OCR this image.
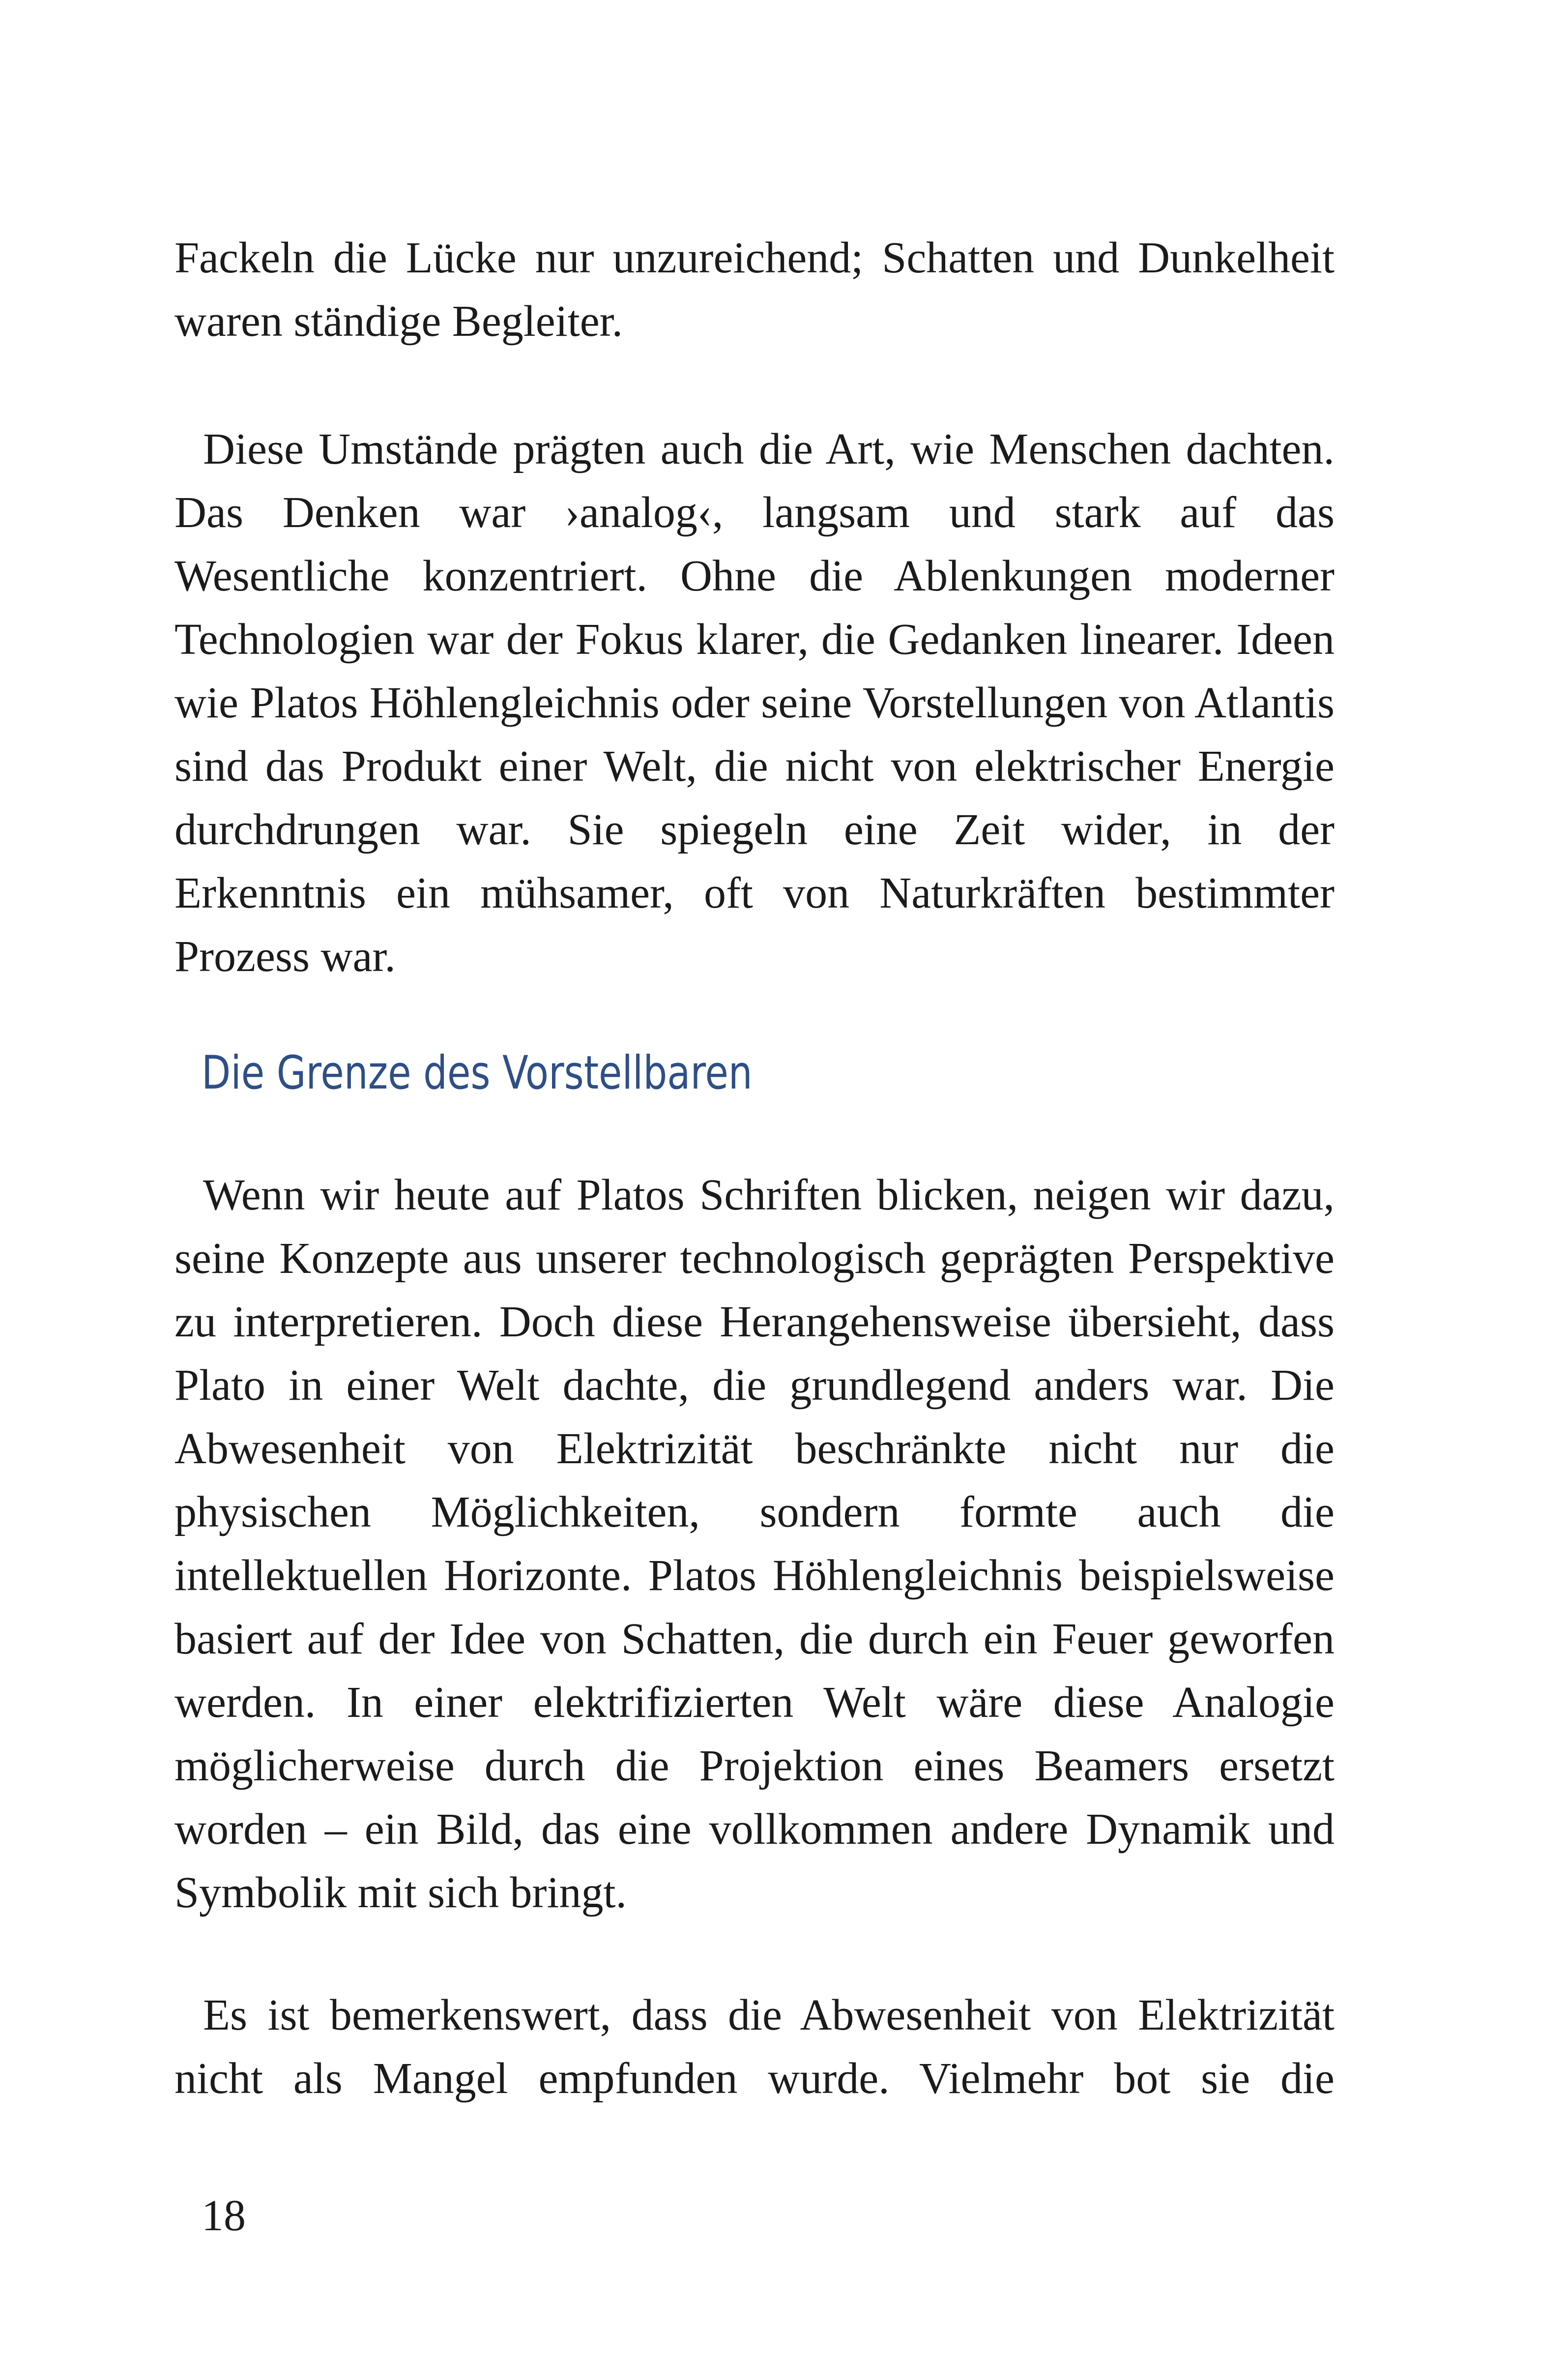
Fackeln die Lücke nur unzureichend; Schatten und Dunkelheit waren ständige Begleiter.

Diese Umstände prägten auch die Art, wie Menschen dachten. Das Denken war ›analog‹, langsam und stark auf das Wesentliche konzentriert. Ohne die Ablenkungen moderner Technologien war der Fokus klarer, die Gedanken linearer. Ideen wie Platos Höhlengleichnis oder seine Vorstellungen von Atlantis sind das Produkt einer Welt, die nicht von elektrischer Energie durchdrungen war. Sie spiegeln eine Zeit wider, in der Erkenntnis ein mühsamer, oft von Naturkräften bestimmter Prozess war.

Die Grenze des Vorstellbaren

Wenn wir heute auf Platos Schriften blicken, neigen wir dazu, seine Konzepte aus unserer technologisch geprägten Perspektive zu interpretieren. Doch diese Herangehensweise übersieht, dass Plato in einer Welt dachte, die grundlegend anders war. Die Abwesenheit von Elektrizität beschränkte nicht nur die physischen Möglichkeiten, sondern formte auch die intellektuellen Horizonte. Platos Höhlengleichnis beispielsweise basiert auf der Idee von Schatten, die durch ein Feuer geworfen werden. In einer elektrifizierten Welt wäre diese Analogie möglicherweise durch die Projektion eines Beamers ersetzt worden – ein Bild, das eine vollkommen andere Dynamik und Symbolik mit sich bringt.

Es ist bemerkenswert, dass die Abwesenheit von Elektrizität nicht als Mangel empfunden wurde. Vielmehr bot sie die

18
